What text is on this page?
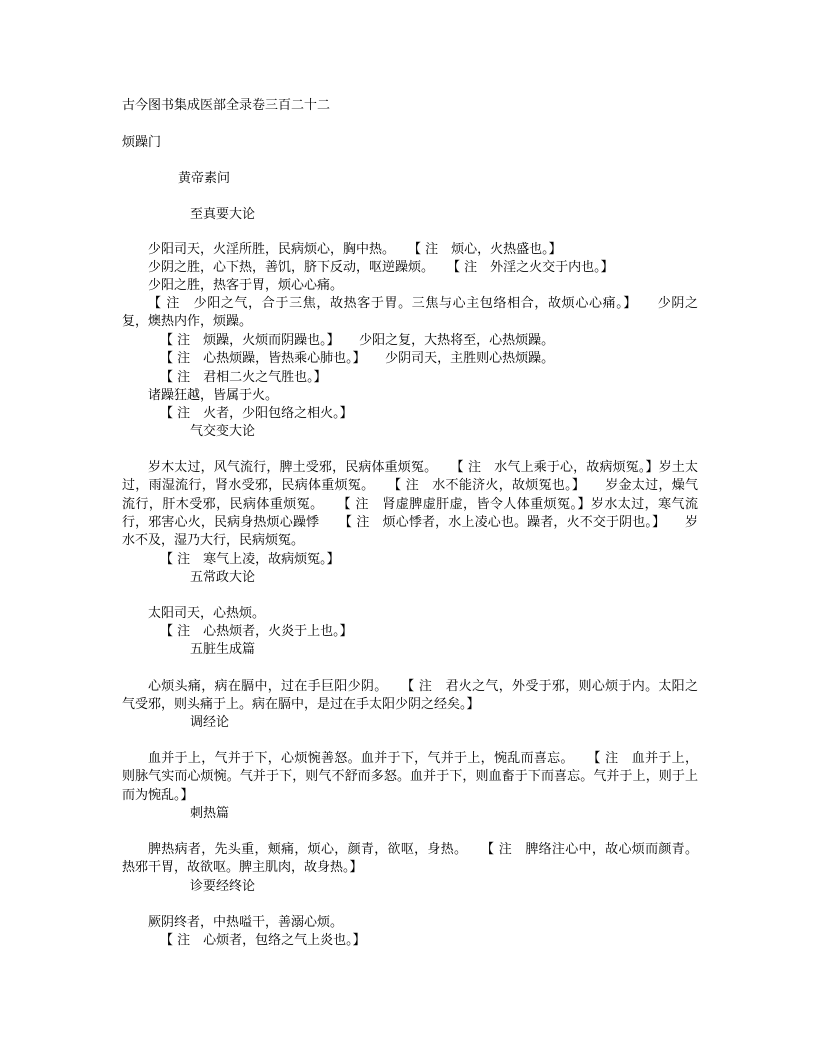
古今图书集成医部全录卷三百二十二
烦躁门
黄帝素问
至真要大论
少阳司天，火淫所胜，民病烦心，胸中热。　　【 注　烦心，火热盛也。】
少阴之胜，心下热，善饥，脐下反动，呕逆躁烦。　　【 注　外淫之火交于内也。】
少阳之胜，热客于胃，烦心心痛。
【 注　少阳之气，合于三焦，故热客于胃。三焦与心主包络相合，故烦心心痛。】　　少阴之复，燠热内作，烦躁。
【 注　烦躁，火烦而阴躁也。】　　少阳之复，大热将至，心热烦躁。
【 注　心热烦躁，皆热乘心肺也。】　　少阴司天，主胜则心热烦躁。
【 注　君相二火之气胜也。】
诸躁狂越，皆属于火。
【 注　火者，少阳包络之相火。】
气交变大论
岁木太过，风气流行，脾土受邪，民病体重烦冤。　　【 注　水气上乘于心，故病烦冤。】岁土太过，雨湿流行，肾水受邪，民病体重烦冤。　　【 注　水不能济火，故烦冤也。】　　岁金太过，燥气流行，肝木受邪，民病体重烦冤。　　【 注　肾虚脾虚肝虚，皆令人体重烦冤。】岁水太过，寒气流行，邪害心火，民病身热烦心躁悸　　【 注　烦心悸者，水上凌心也。躁者，火不交于阴也。】　　岁水不及，湿乃大行，民病烦冤。
【 注　寒气上凌，故病烦冤。】
五常政大论
太阳司天，心热烦。
【 注　心热烦者，火炎于上也。】
五脏生成篇
心烦头痛，病在膈中，过在手巨阳少阴。　　【 注　君火之气，外受于邪，则心烦于内。太阳之气受邪，则头痛于上。病在膈中，是过在手太阳少阴之经矣。】
调经论
血并于上，气并于下，心烦惋善怒。血并于下，气并于上，惋乱而喜忘。　　【 注　血并于上，则脉气实而心烦惋。气并于下，则气不舒而多怒。血并于下，则血畜于下而喜忘。气并于上，则于上而为惋乱。】
刺热篇
脾热病者，先头重，颊痛，烦心，颜青，欲呕，身热。　　【 注　脾络注心中，故心烦而颜青。热邪干胃，故欲呕。脾主肌肉，故身热。】
诊要经终论
厥阴终者，中热嗌干，善溺心烦。
【 注　心烦者，包络之气上炎也。】
